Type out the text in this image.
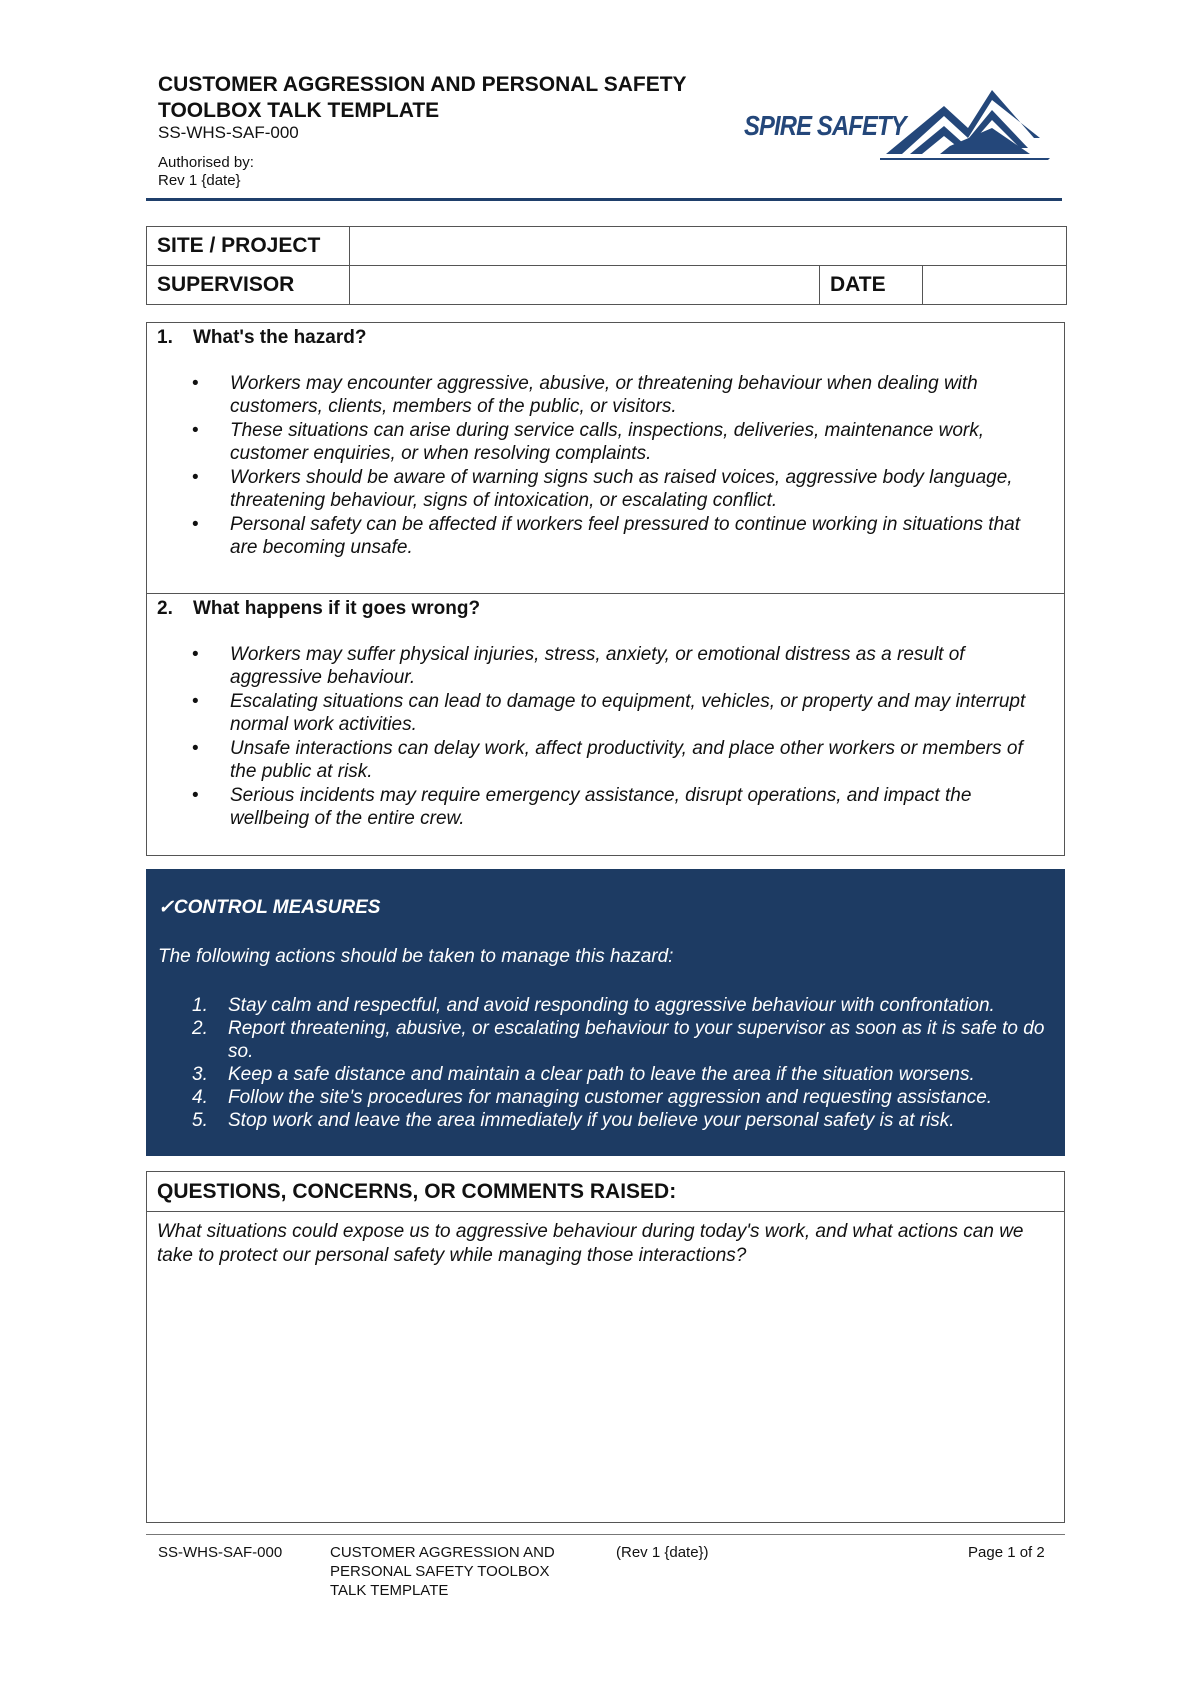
CUSTOMER AGGRESSION AND PERSONAL SAFETY
TOOLBOX TALK TEMPLATE
SS-WHS-SAF-000
Authorised by:
Rev 1 {date}
SPIRE SAFETY
SITE / PROJECT			
SUPERVISOR		DATE	
1. What's the hazard?
• Workers may encounter aggressive, abusive, or threatening behaviour when dealing with customers, clients, members of the public, or visitors.
• These situations can arise during service calls, inspections, deliveries, maintenance work, customer enquiries, or when resolving complaints.
• Workers should be aware of warning signs such as raised voices, aggressive body language, threatening behaviour, signs of intoxication, or escalating conflict.
• Personal safety can be affected if workers feel pressured to continue working in situations that are becoming unsafe.
2. What happens if it goes wrong?
• Workers may suffer physical injuries, stress, anxiety, or emotional distress as a result of aggressive behaviour.
• Escalating situations can lead to damage to equipment, vehicles, or property and may interrupt normal work activities.
• Unsafe interactions can delay work, affect productivity, and place other workers or members of the public at risk.
• Serious incidents may require emergency assistance, disrupt operations, and impact the wellbeing of the entire crew.
✓CONTROL MEASURES
The following actions should be taken to manage this hazard:
1. Stay calm and respectful, and avoid responding to aggressive behaviour with confrontation.
2. Report threatening, abusive, or escalating behaviour to your supervisor as soon as it is safe to do so.
3. Keep a safe distance and maintain a clear path to leave the area if the situation worsens.
4. Follow the site's procedures for managing customer aggression and requesting assistance.
5. Stop work and leave the area immediately if you believe your personal safety is at risk.
QUESTIONS, CONCERNS, OR COMMENTS RAISED:
What situations could expose us to aggressive behaviour during today's work, and what actions can we take to protect our personal safety while managing those interactions?
SS-WHS-SAF-000	CUSTOMER AGGRESSION AND PERSONAL SAFETY TOOLBOX TALK TEMPLATE
(Rev 1 {date})	Page 1 of 2
